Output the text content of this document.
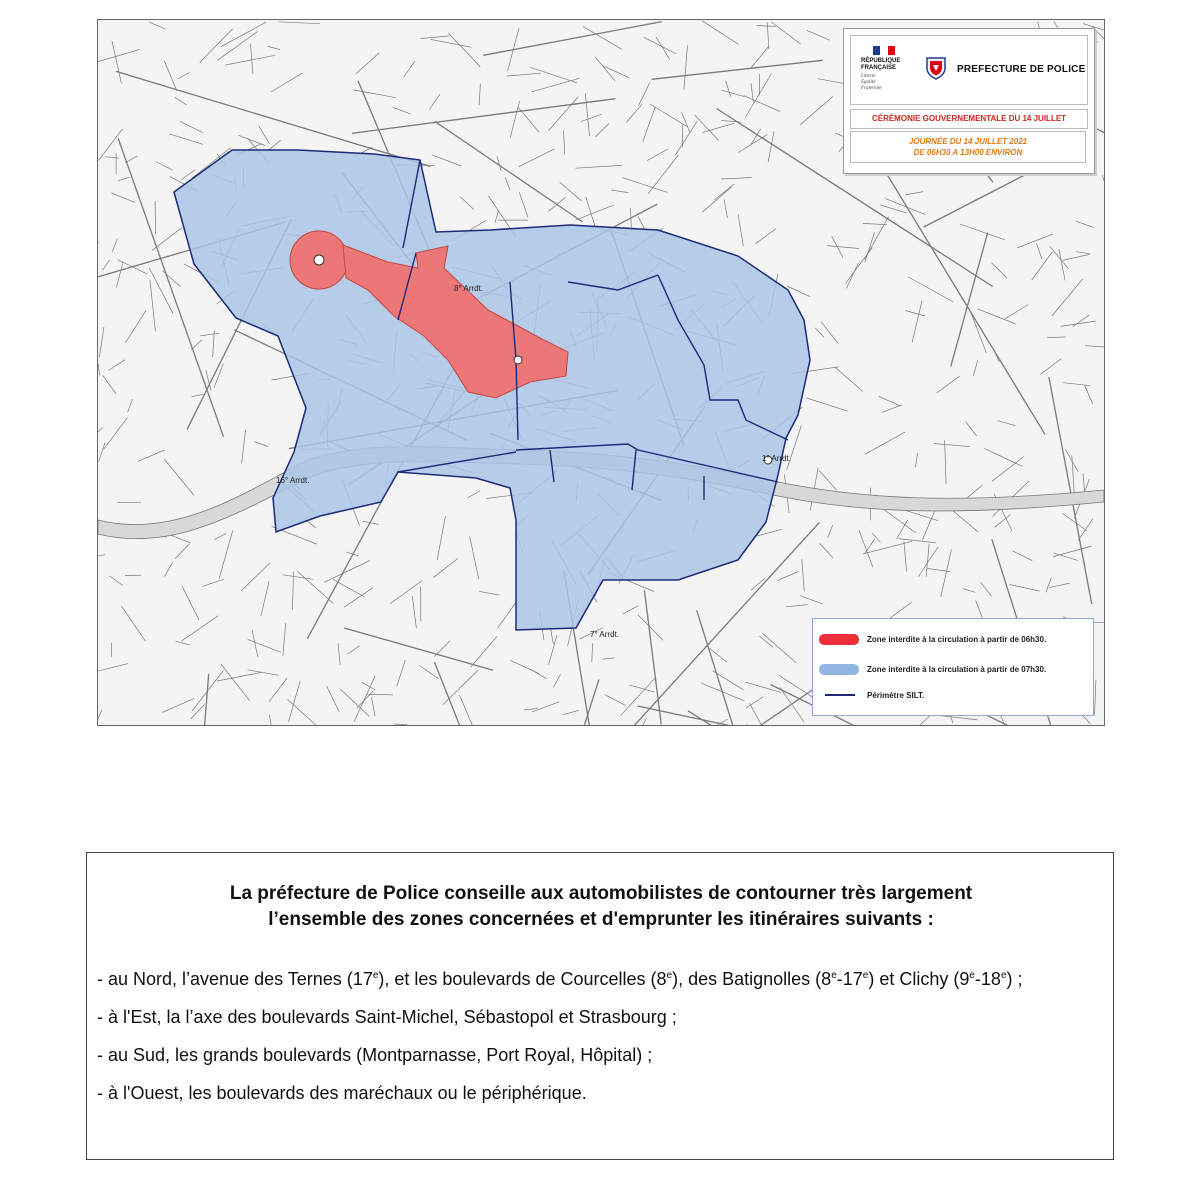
8° Arrdt.
16° Arrdt.
7° Arrdt.
1° Arrdt.
RÉPUBLIQUE
FRANÇAISE
Liberté
Égalité
Fraternité
PREFECTURE DE POLICE
CÉRÉMONIE GOUVERNEMENTALE DU 14 JUILLET
JOURNÉE DU 14 JUILLET 2021
DE 06H30 A 13H00 ENVIRON
Zone interdite à la circulation à partir de 06h30.
Zone interdite à la circulation à partir de 07h30.
Périmètre SILT.
La préfecture de Police conseille aux automobilistes de contourner très largement
l’ensemble des zones concernées et d'emprunter les itinéraires suivants :
- au Nord, l’avenue des Ternes (17e), et les boulevards de Courcelles (8e), des Batignolles (8e-17e) et Clichy (9e-18e) ;
- à l'Est, la l’axe des boulevards Saint-Michel, Sébastopol et Strasbourg ;
- au Sud, les grands boulevards (Montparnasse, Port Royal, Hôpital) ;
- à l'Ouest, les boulevards des maréchaux ou le périphérique.
